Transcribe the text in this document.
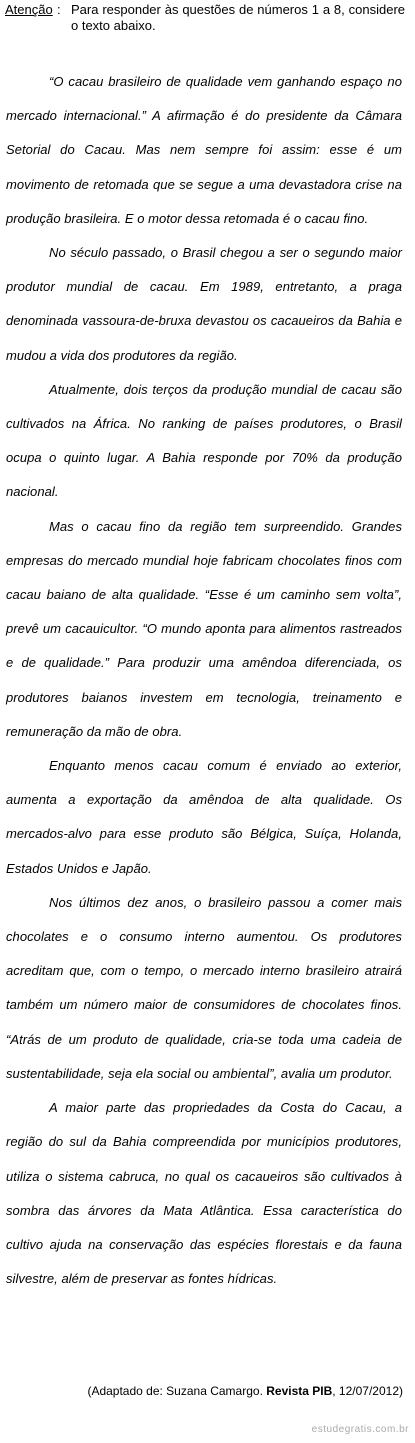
Atenção : Para responder às questões de números 1 a 8, considere o texto abaixo.

“O cacau brasileiro de qualidade vem ganhando espaço no mercado internacional.” A afirmação é do presidente da Câmara Setorial do Cacau. Mas nem sempre foi assim: esse é um movimento de retomada que se segue a uma devastadora crise na produção brasileira. E o motor dessa retomada é o cacau fino.

No século passado, o Brasil chegou a ser o segundo maior produtor mundial de cacau. Em 1989, entretanto, a praga denominada vassoura-de-bruxa devastou os cacaueiros da Bahia e mudou a vida dos produtores da região.

Atualmente, dois terços da produção mundial de cacau são cultivados na África. No ranking de países produtores, o Brasil ocupa o quinto lugar. A Bahia responde por 70% da produção nacional.

Mas o cacau fino da região tem surpreendido. Grandes empresas do mercado mundial hoje fabricam chocolates finos com cacau baiano de alta qualidade. “Esse é um caminho sem volta”, prevê um cacauicultor. “O mundo aponta para alimentos rastreados e de qualidade.” Para produzir uma amêndoa diferenciada, os produtores baianos investem em tecnologia, treinamento e remuneração da mão de obra.

Enquanto menos cacau comum é enviado ao exterior, aumenta a exportação da amêndoa de alta qualidade. Os mercados-alvo para esse produto são Bélgica, Suíça, Holanda, Estados Unidos e Japão.

Nos últimos dez anos, o brasileiro passou a comer mais chocolates e o consumo interno aumentou. Os produtores acreditam que, com o tempo, o mercado interno brasileiro atrairá também um número maior de consumidores de chocolates finos. “Atrás de um produto de qualidade, cria-se toda uma cadeia de sustentabilidade, seja ela social ou ambiental”, avalia um produtor.

A maior parte das propriedades da Costa do Cacau, a região do sul da Bahia compreendida por municípios produtores, utiliza o sistema cabruca, no qual os cacaueiros são cultivados à sombra das árvores da Mata Atlântica. Essa característica do cultivo ajuda na conservação das espécies florestais e da fauna silvestre, além de preservar as fontes hídricas.

(Adaptado de: Suzana Camargo. Revista PIB, 12/07/2012)
estudegratis.com.br
